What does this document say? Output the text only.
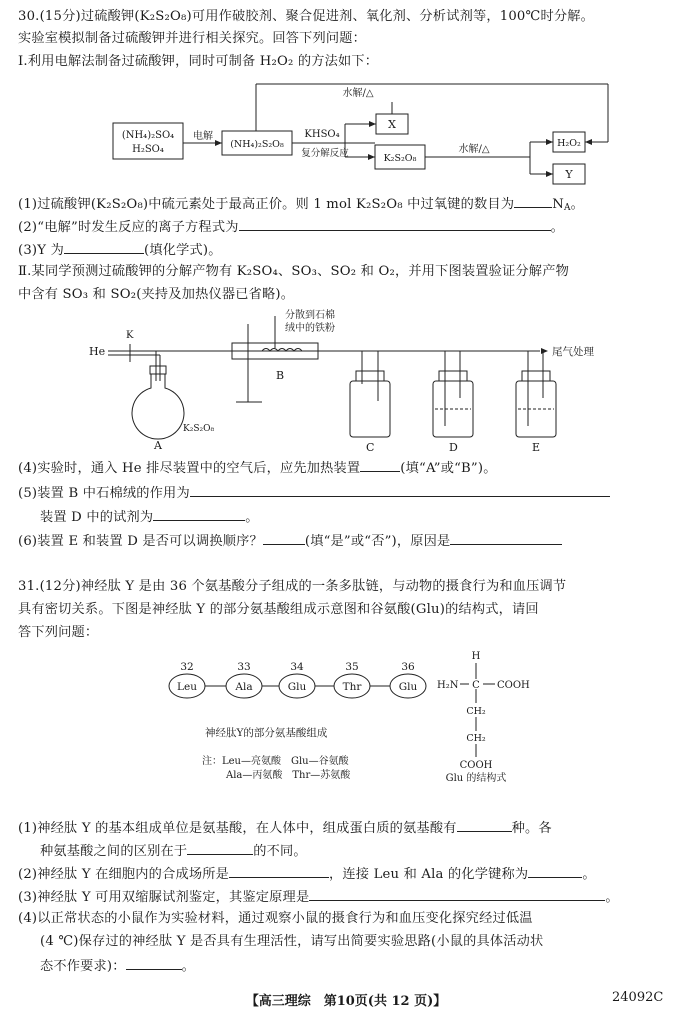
30.(15分)过硫酸钾(K₂S₂O₈)可用作破胶剂、聚合促进剂、氧化剂、分析试剂等，100℃时分解。
实验室模拟制备过硫酸钾并进行相关探究。回答下列问题：
Ⅰ.利用电解法制备过硫酸钾，同时可制备 H₂O₂ 的方法如下：
(NH₄)₂SO₄
H₂SO₄
电解
(NH₄)₂S₂O₈
KHSO₄
复分解反应
X
K₂S₂O₈
水解/△
水解/△
H₂O₂
Y
(1)过硫酸钾(K₂S₂O₈)中硫元素处于最高正价。则 1 mol K₂S₂O₈ 中过氧键的数目为	$N_A$。
(2)“电解”时发生反应的离子方程式为	。
(3)Y 为	(填化学式)。
Ⅱ.某同学预测过硫酸钾的分解产物有 K₂SO₄、SO₃、SO₂ 和 O₂，并用下图装置验证分解产物
中含有 SO₃ 和 SO₂(夹持及加热仪器已省略)。
He
K
分散到石棉
绒中的铁粉
B
尾气处理
K₂S₂O₈
A	C	D	E
(4)实验时，通入 He 排尽装置中的空气后，应先加热装置	(填“A”或“B”)。
(5)装置 B 中石棉绒的作用为
装置 D 中的试剂为	。
(6)装置 E 和装置 D 是否可以调换顺序？	(填“是”或“否”)，原因是
31.(12分)神经肽 Y 是由 36 个氨基酸分子组成的一条多肽链，与动物的摄食行为和血压调节
具有密切关系。下图是神经肽 Y 的部分氨基酸组成示意图和谷氨酸(Glu)的结构式，请回
答下列问题：
32	33	34	35	36
Leu	Ala	Glu	Thr	Glu
神经肽Y的部分氨基酸组成
注：Leu—亮氨酸　Glu—谷氨酸
Ala—丙氨酸　Thr—苏氨酸
H
H₂N C COOH
CH₂
CH₂
COOH
Glu 的结构式
(1)神经肽 Y 的基本组成单位是氨基酸，在人体中，组成蛋白质的氨基酸有	种。各
种氨基酸之间的区别在于	的不同。
(2)神经肽 Y 在细胞内的合成场所是	，连接 Leu 和 Ala 的化学键称为	。
(3)神经肽 Y 可用双缩脲试剂鉴定，其鉴定原理是	。
(4)以正常状态的小鼠作为实验材料，通过观察小鼠的摄食行为和血压变化探究经过低温
(4 ℃)保存过的神经肽 Y 是否具有生理活性，请写出简要实验思路(小鼠的具体活动状
态不作要求)：	。
【高三理综　第10页(共 12 页)】	24092C
